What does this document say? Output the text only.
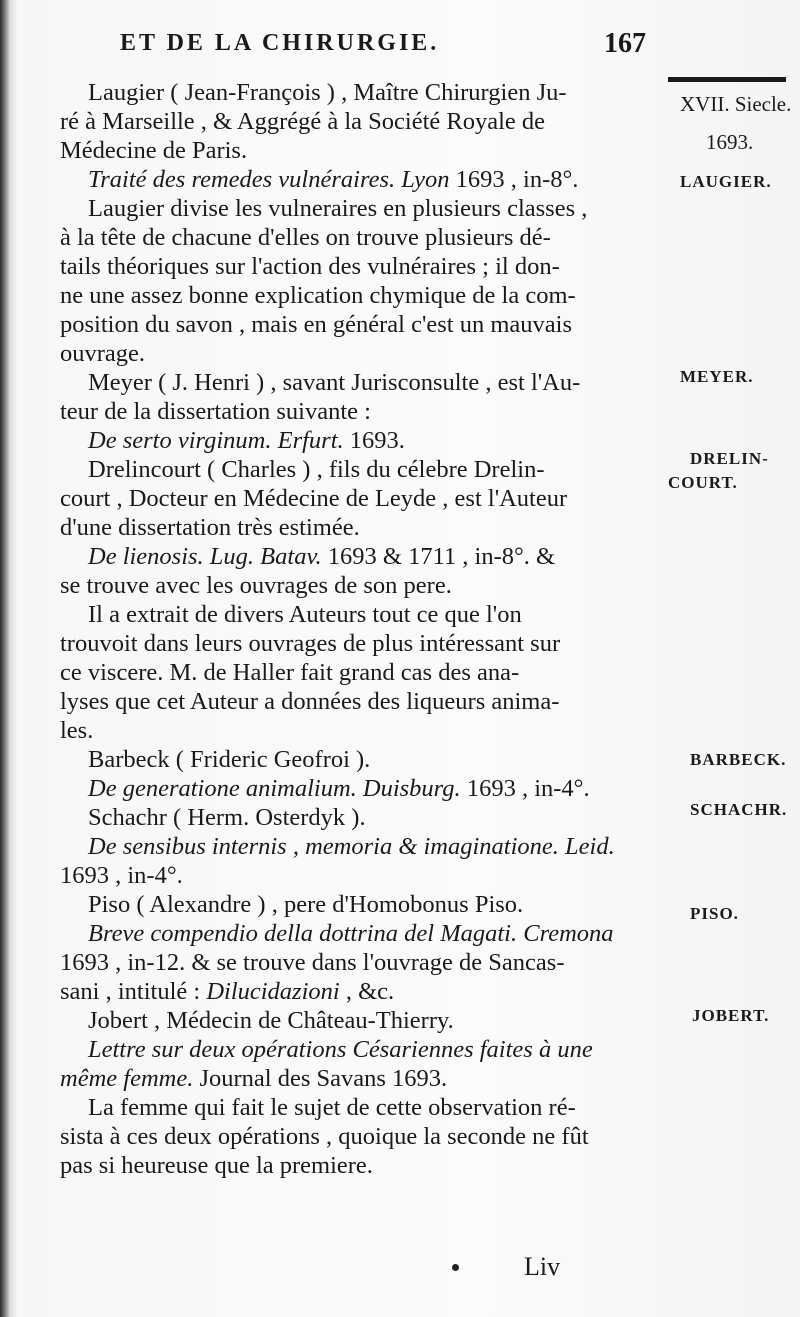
ET DE LA CHIRURGIE.	167
XVII. Siecle.
1693.
LAUGIER.
MEYER.
DRELIN-
COURT.
BARBECK.
SCHACHR.
PISO.
JOBERT.
Laugier ( Jean-François ) , Maître Chirurgien Ju-
ré à Marseille , & Aggrégé à la Société Royale de
Médecine de Paris.
Traité des remedes vulnéraires. Lyon 1693 , in-8°.
Laugier divise les vulneraires en plusieurs classes ,
à la tête de chacune d'elles on trouve plusieurs dé-
tails théoriques sur l'action des vulnéraires ; il don-
ne une assez bonne explication chymique de la com-
position du savon , mais en général c'est un mauvais
ouvrage.
Meyer ( J. Henri ) , savant Jurisconsulte , est l'Au-
teur de la dissertation suivante :
De serto virginum. Erfurt. 1693.
Drelincourt ( Charles ) , fils du célebre Drelin-
court , Docteur en Médecine de Leyde , est l'Auteur
d'une dissertation très estimée.
De lienosis. Lug. Batav. 1693 & 1711 , in-8°. &
se trouve avec les ouvrages de son pere.
Il a extrait de divers Auteurs tout ce que l'on
trouvoit dans leurs ouvrages de plus intéressant sur
ce viscere. M. de Haller fait grand cas des ana-
lyses que cet Auteur a données des liqueurs anima-
les.
Barbeck ( Frideric Geofroi ).
De generatione animalium. Duisburg. 1693 , in-4°.
Schachr ( Herm. Osterdyk ).
De sensibus internis , memoria & imaginatione. Leid.
1693 , in-4°.
Piso ( Alexandre ) , pere d'Homobonus Piso.
Breve compendio della dottrina del Magati. Cremona
1693 , in-12. & se trouve dans l'ouvrage de Sancas-
sani , intitulé : Dilucidazioni , &c.
Jobert , Médecin de Château-Thierry.
Lettre sur deux opérations Césariennes faites à une
même femme. Journal des Savans 1693.
La femme qui fait le sujet de cette observation ré-
sista à ces deux opérations , quoique la seconde ne fût
pas si heureuse que la premiere.
Liv
